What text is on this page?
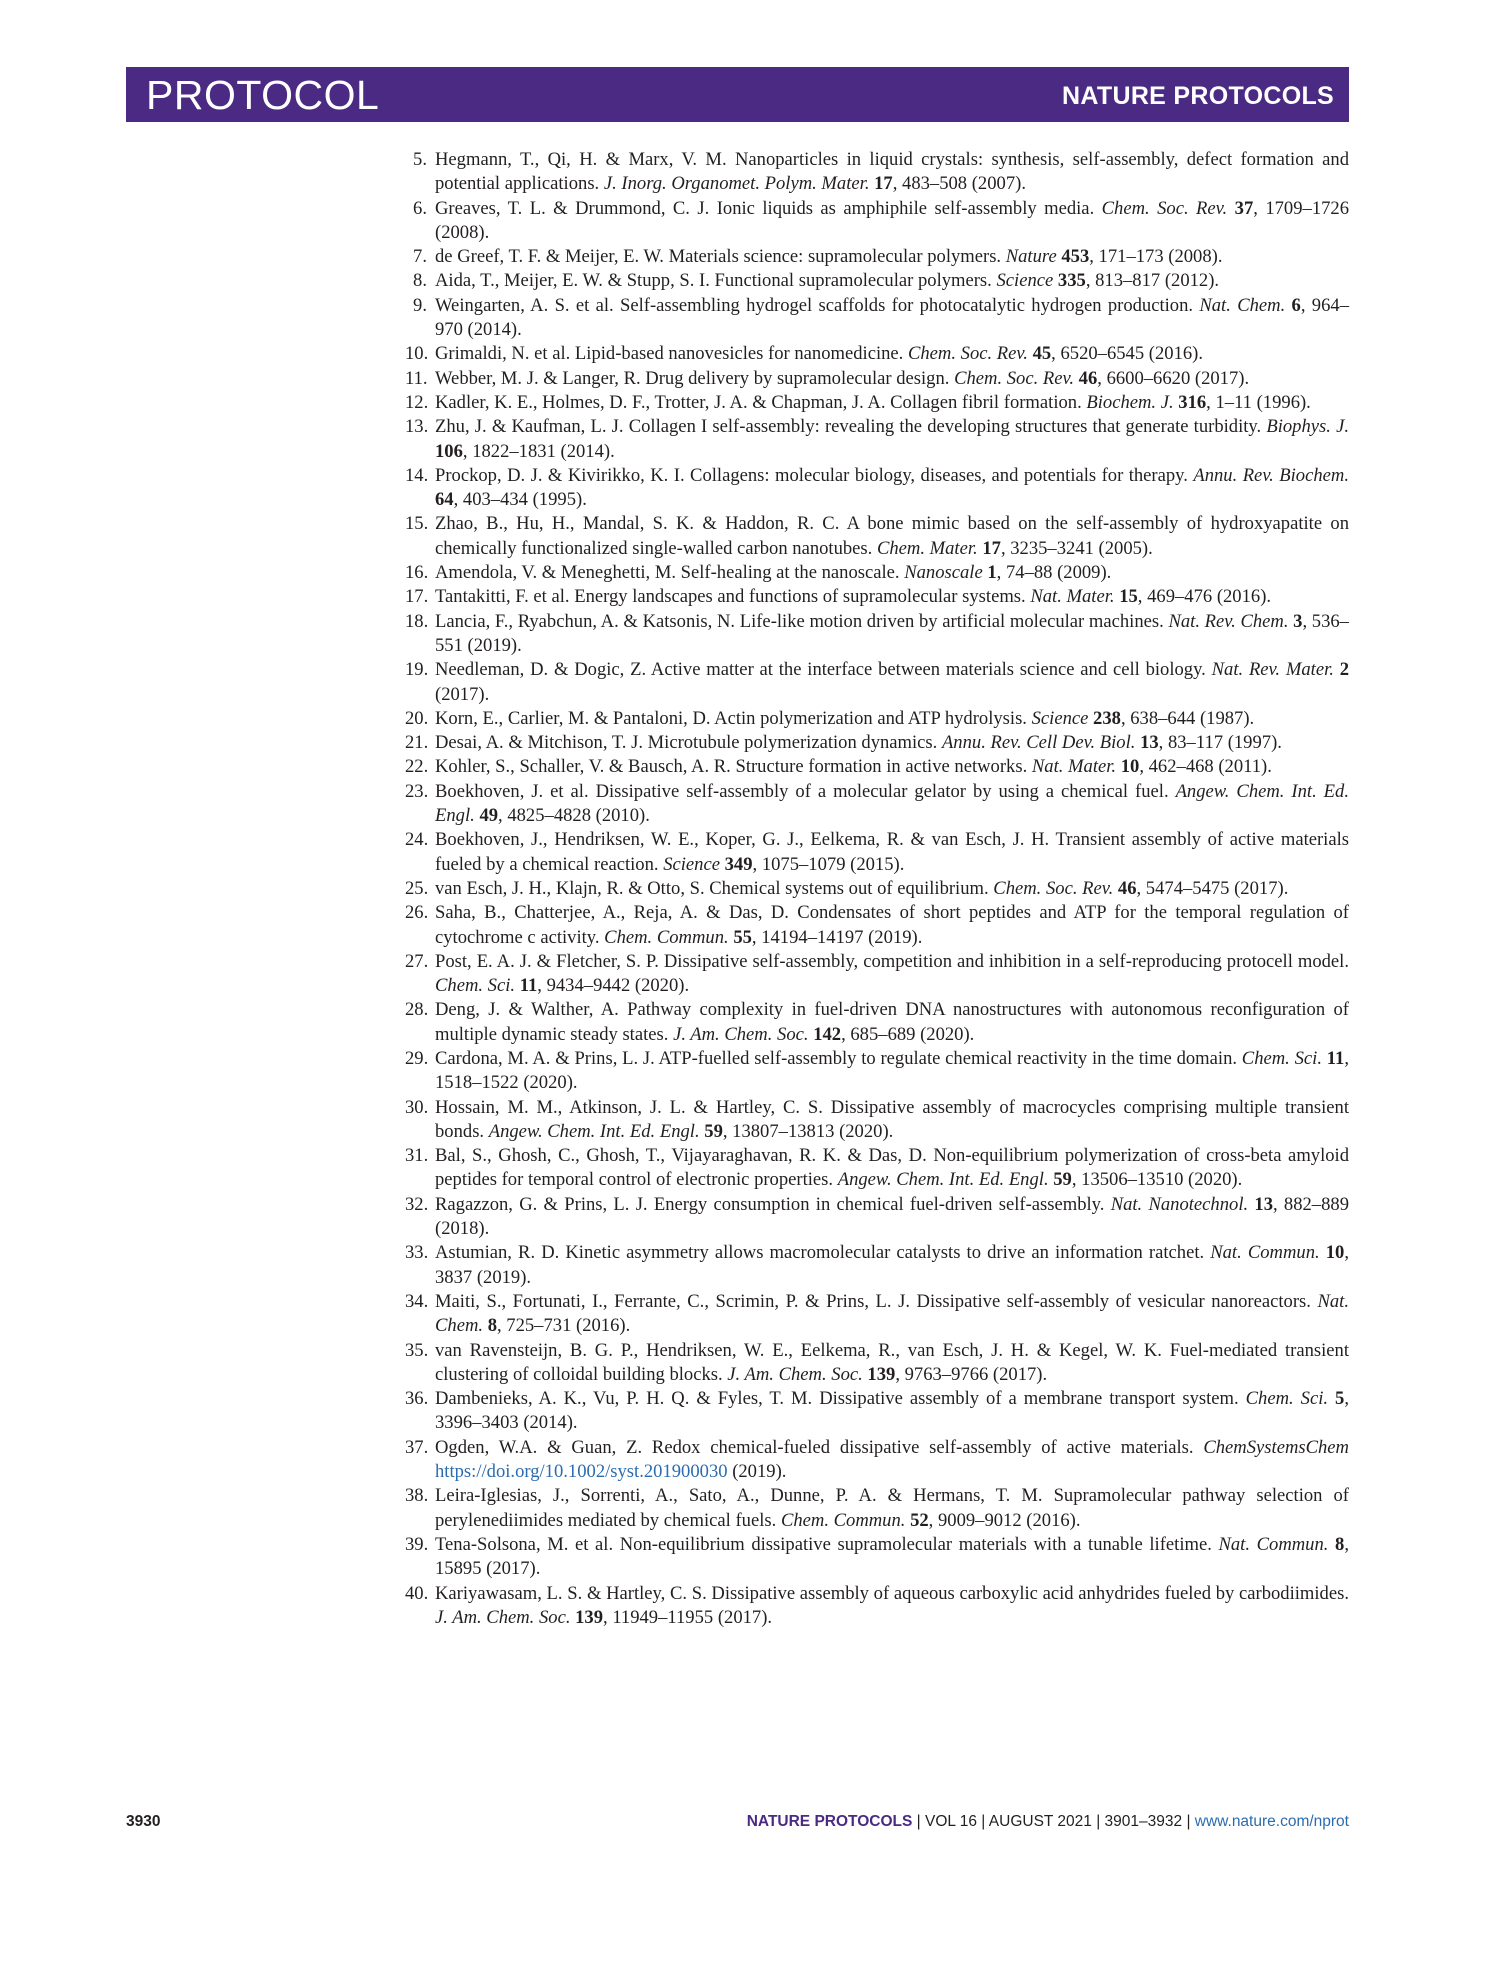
PROTOCOL	NATURE PROTOCOLS
5. Hegmann, T., Qi, H. & Marx, V. M. Nanoparticles in liquid crystals: synthesis, self-assembly, defect formation and potential applications. J. Inorg. Organomet. Polym. Mater. 17, 483–508 (2007).
6. Greaves, T. L. & Drummond, C. J. Ionic liquids as amphiphile self-assembly media. Chem. Soc. Rev. 37, 1709–1726 (2008).
7. de Greef, T. F. & Meijer, E. W. Materials science: supramolecular polymers. Nature 453, 171–173 (2008).
8. Aida, T., Meijer, E. W. & Stupp, S. I. Functional supramolecular polymers. Science 335, 813–817 (2012).
9. Weingarten, A. S. et al. Self-assembling hydrogel scaffolds for photocatalytic hydrogen production. Nat. Chem. 6, 964–970 (2014).
10. Grimaldi, N. et al. Lipid-based nanovesicles for nanomedicine. Chem. Soc. Rev. 45, 6520–6545 (2016).
11. Webber, M. J. & Langer, R. Drug delivery by supramolecular design. Chem. Soc. Rev. 46, 6600–6620 (2017).
12. Kadler, K. E., Holmes, D. F., Trotter, J. A. & Chapman, J. A. Collagen fibril formation. Biochem. J. 316, 1–11 (1996).
13. Zhu, J. & Kaufman, L. J. Collagen I self-assembly: revealing the developing structures that generate turbidity. Biophys. J. 106, 1822–1831 (2014).
14. Prockop, D. J. & Kivirikko, K. I. Collagens: molecular biology, diseases, and potentials for therapy. Annu. Rev. Biochem. 64, 403–434 (1995).
15. Zhao, B., Hu, H., Mandal, S. K. & Haddon, R. C. A bone mimic based on the self-assembly of hydroxyapatite on chemically functionalized single-walled carbon nanotubes. Chem. Mater. 17, 3235–3241 (2005).
16. Amendola, V. & Meneghetti, M. Self-healing at the nanoscale. Nanoscale 1, 74–88 (2009).
17. Tantakitti, F. et al. Energy landscapes and functions of supramolecular systems. Nat. Mater. 15, 469–476 (2016).
18. Lancia, F., Ryabchun, A. & Katsonis, N. Life-like motion driven by artificial molecular machines. Nat. Rev. Chem. 3, 536–551 (2019).
19. Needleman, D. & Dogic, Z. Active matter at the interface between materials science and cell biology. Nat. Rev. Mater. 2 (2017).
20. Korn, E., Carlier, M. & Pantaloni, D. Actin polymerization and ATP hydrolysis. Science 238, 638–644 (1987).
21. Desai, A. & Mitchison, T. J. Microtubule polymerization dynamics. Annu. Rev. Cell Dev. Biol. 13, 83–117 (1997).
22. Kohler, S., Schaller, V. & Bausch, A. R. Structure formation in active networks. Nat. Mater. 10, 462–468 (2011).
23. Boekhoven, J. et al. Dissipative self-assembly of a molecular gelator by using a chemical fuel. Angew. Chem. Int. Ed. Engl. 49, 4825–4828 (2010).
24. Boekhoven, J., Hendriksen, W. E., Koper, G. J., Eelkema, R. & van Esch, J. H. Transient assembly of active materials fueled by a chemical reaction. Science 349, 1075–1079 (2015).
25. van Esch, J. H., Klajn, R. & Otto, S. Chemical systems out of equilibrium. Chem. Soc. Rev. 46, 5474–5475 (2017).
26. Saha, B., Chatterjee, A., Reja, A. & Das, D. Condensates of short peptides and ATP for the temporal regulation of cytochrome c activity. Chem. Commun. 55, 14194–14197 (2019).
27. Post, E. A. J. & Fletcher, S. P. Dissipative self-assembly, competition and inhibition in a self-reproducing protocell model. Chem. Sci. 11, 9434–9442 (2020).
28. Deng, J. & Walther, A. Pathway complexity in fuel-driven DNA nanostructures with autonomous reconfiguration of multiple dynamic steady states. J. Am. Chem. Soc. 142, 685–689 (2020).
29. Cardona, M. A. & Prins, L. J. ATP-fuelled self-assembly to regulate chemical reactivity in the time domain. Chem. Sci. 11, 1518–1522 (2020).
30. Hossain, M. M., Atkinson, J. L. & Hartley, C. S. Dissipative assembly of macrocycles comprising multiple transient bonds. Angew. Chem. Int. Ed. Engl. 59, 13807–13813 (2020).
31. Bal, S., Ghosh, C., Ghosh, T., Vijayaraghavan, R. K. & Das, D. Non-equilibrium polymerization of cross-beta amyloid peptides for temporal control of electronic properties. Angew. Chem. Int. Ed. Engl. 59, 13506–13510 (2020).
32. Ragazzon, G. & Prins, L. J. Energy consumption in chemical fuel-driven self-assembly. Nat. Nanotechnol. 13, 882–889 (2018).
33. Astumian, R. D. Kinetic asymmetry allows macromolecular catalysts to drive an information ratchet. Nat. Commun. 10, 3837 (2019).
34. Maiti, S., Fortunati, I., Ferrante, C., Scrimin, P. & Prins, L. J. Dissipative self-assembly of vesicular nanoreactors. Nat. Chem. 8, 725–731 (2016).
35. van Ravensteijn, B. G. P., Hendriksen, W. E., Eelkema, R., van Esch, J. H. & Kegel, W. K. Fuel-mediated transient clustering of colloidal building blocks. J. Am. Chem. Soc. 139, 9763–9766 (2017).
36. Dambenieks, A. K., Vu, P. H. Q. & Fyles, T. M. Dissipative assembly of a membrane transport system. Chem. Sci. 5, 3396–3403 (2014).
37. Ogden, W.A. & Guan, Z. Redox chemical-fueled dissipative self-assembly of active materials. ChemSystemsChem https://doi.org/10.1002/syst.201900030 (2019).
38. Leira-Iglesias, J., Sorrenti, A., Sato, A., Dunne, P. A. & Hermans, T. M. Supramolecular pathway selection of perylenediimides mediated by chemical fuels. Chem. Commun. 52, 9009–9012 (2016).
39. Tena-Solsona, M. et al. Non-equilibrium dissipative supramolecular materials with a tunable lifetime. Nat. Commun. 8, 15895 (2017).
40. Kariyawasam, L. S. & Hartley, C. S. Dissipative assembly of aqueous carboxylic acid anhydrides fueled by carbodiimides. J. Am. Chem. Soc. 139, 11949–11955 (2017).
3930	NATURE PROTOCOLS | VOL 16 | AUGUST 2021 | 3901–3932 | www.nature.com/nprot
